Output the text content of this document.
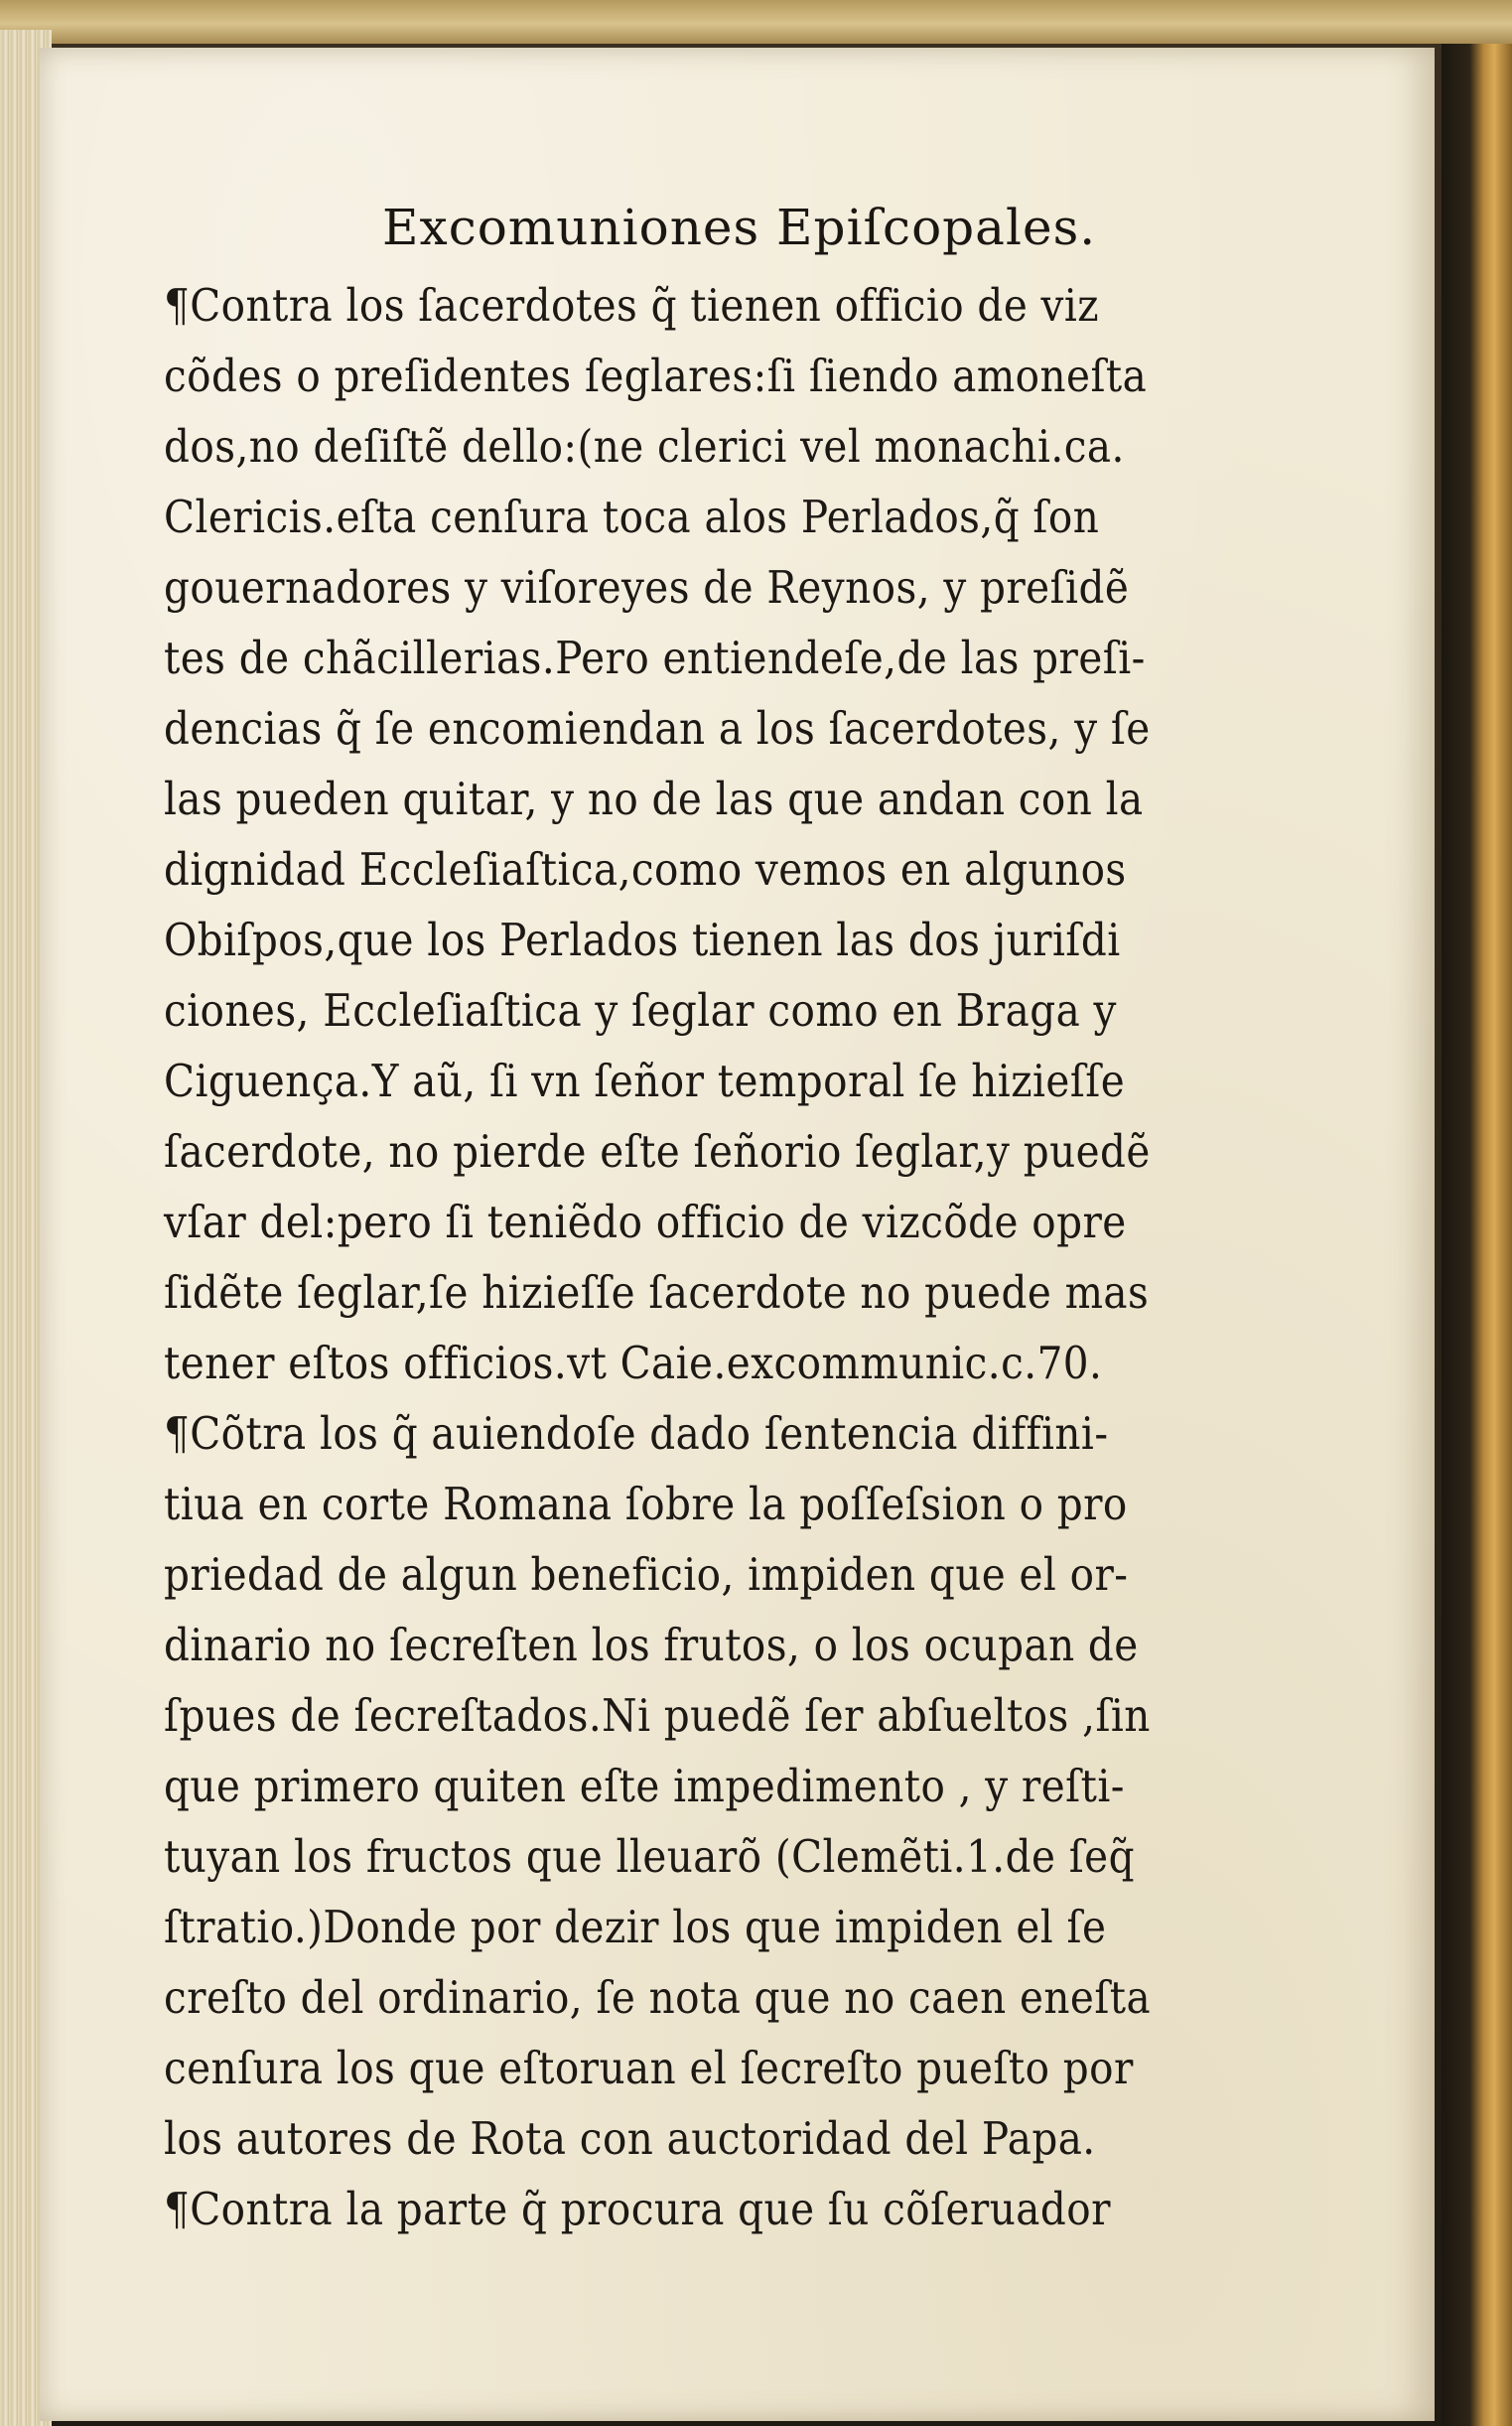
Excomuniones Epiſcopales.
¶Contra los ſacerdotes q̃ tienen officio de viz
cõdes o preſidentes ſeglares:ſi ſiendo amoneſta
dos,no deſiſtẽ dello:(ne clerici vel monachi.ca.
Clericis.eſta cenſura toca alos Perlados,q̃ ſon
gouernadores y viſoreyes de Reynos, y preſidẽ
tes de chãcillerias.Pero entiendeſe,de las preſi-
dencias q̃ ſe encomiendan a los ſacerdotes, y ſe
las pueden quitar, y no de las que andan con la
dignidad Eccleſiaſtica,como vemos en algunos
Obiſpos,que los Perlados tienen las dos juriſdi
ciones, Eccleſiaſtica y ſeglar como en Braga y
Ciguença.Y aũ, ſi vn ſeñor temporal ſe hizieſſe
ſacerdote, no pierde eſte ſeñorio ſeglar,y puedẽ
vſar del:pero ſi teniẽdo officio de vizcõde opre
ſidẽte ſeglar,ſe hizieſſe ſacerdote no puede mas
tener eſtos officios.vt Caie.excommunic.c.70.
¶Cõtra los q̃ auiendoſe dado ſentencia diffini-
tiua en corte Romana ſobre la poſſeſsion o pro
priedad de algun beneficio, impiden que el or-
dinario no ſecreſten los frutos, o los ocupan de
ſpues de ſecreſtados.Ni puedẽ ſer abſueltos ,ſin
que primero quiten eſte impedimento , y reſti-
tuyan los fructos que lleuarõ (Clemẽti.1.de ſeq̃
ſtratio.)Donde por dezir los que impiden el ſe
creſto del ordinario, ſe nota que no caen eneſta
cenſura los que eſtoruan el ſecreſto pueſto por
los autores de Rota con auctoridad del Papa.
¶Contra la parte q̃ procura que ſu cõſeruador
